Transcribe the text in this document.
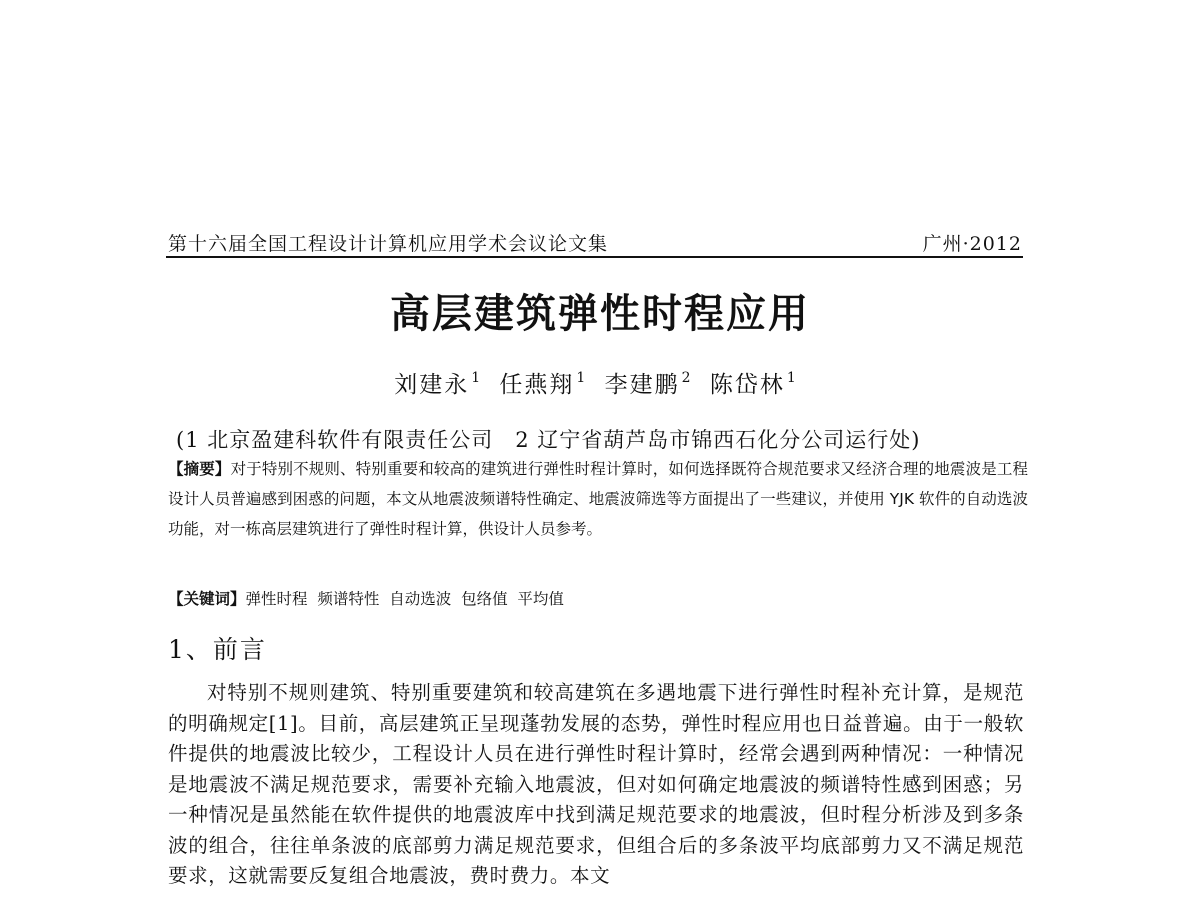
第十六届全国工程设计计算机应用学术会议论文集	广州·2012
高层建筑弹性时程应用
刘建永 $^1$ 任燕翔 $^1$ 李建鹏 $^2$ 陈岱林 $^1$
(1 北京盈建科软件有限责任公司　2 辽宁省葫芦岛市锦西石化分公司运行处)
【摘要】对于特别不规则、特别重要和较高的建筑进行弹性时程计算时，如何选择既符合规范要求又经济合理的地震波是工程设计人员普遍感到困惑的问题，本文从地震波频谱特性确定、地震波筛选等方面提出了一些建议，并使用 YJK 软件的自动选波功能，对一栋高层建筑进行了弹性时程计算，供设计人员参考。
【关键词】弹性时程  频谱特性  自动选波  包络值  平均值
1、前言
对特别不规则建筑、特别重要建筑和较高建筑在多遇地震下进行弹性时程补充计算，是规范的明确规定[1]。目前，高层建筑正呈现蓬勃发展的态势，弹性时程应用也日益普遍。由于一般软件提供的地震波比较少，工程设计人员在进行弹性时程计算时，经常会遇到两种情况：一种情况是地震波不满足规范要求，需要补充输入地震波，但对如何确定地震波的频谱特性感到困惑；另一种情况是虽然能在软件提供的地震波库中找到满足规范要求的地震波，但时程分析涉及到多条波的组合，往往单条波的底部剪力满足规范要求，但组合后的多条波平均底部剪力又不满足规范要求，这就需要反复组合地震波，费时费力。本文
